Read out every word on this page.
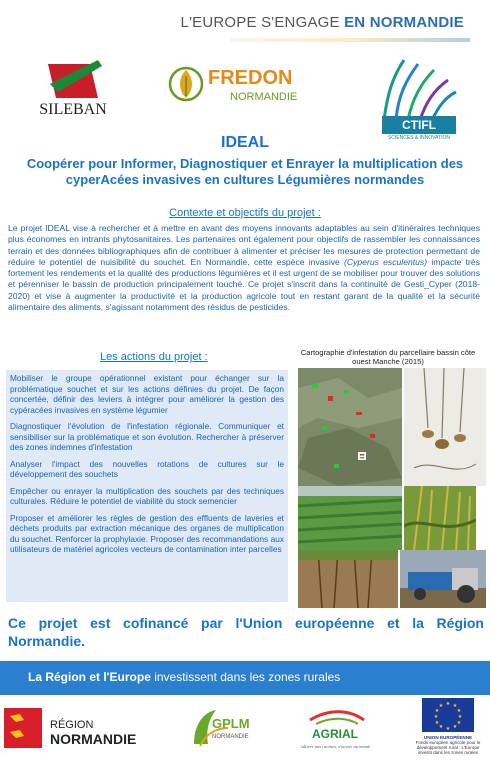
L'EUROPE S'ENGAGE EN NORMANDIE
SILEBAN
FREDON
NORMANDIE
CTIFL
SCIENCES & INNOVATION
IDEAL
Coopérer pour Informer, Diagnostiquer et Enrayer la multiplication des cyperAcées invasives en cultures Légumières normandes
Contexte et objectifs du projet :
Le projet IDEAL vise à rechercher et à mettre en avant des moyens innovants adaptables au sein d'itinéraires techniques plus économes en intrants phytosanitaires. Les partenaires ont également pour objectifs de rassembler les connaissances terrain et des données bibliographiques afin de contribuer à alimenter et préciser les mesures de protection permettant de réduire le potentiel de nuisibilité du souchet. En Normandie, cette espèce invasive (Cyperus esculentus) impacte très fortement les rendements et la qualité des productions légumières et il est urgent de se mobiliser pour trouver des solutions et pérenniser le bassin de production principalement touché. Ce projet s'inscrit dans la continuité de Gesti_Cyper (2018-2020) et vise à augmenter la productivité et la production agricole tout en restant garant de la qualité et la sécurité alimentaire des aliments, s'agissant notamment des résidus de pesticides.
Les actions du projet :
Mobiliser le groupe opérationnel existant pour échanger sur la problématique souchet et sur les actions définies du projet. De façon concertée, définir des leviers à intégrer pour améliorer la gestion des cypéracées invasives en système légumier
Diagnostiquer l'évolution de l'infestation régionale. Communiquer et sensibiliser sur la problématique et son évolution. Rechercher à préserver des zones indemnes d'infestation
Analyser l'impact des nouvelles rotations de cultures sur le développement des souchets
Empêcher ou enrayer la multiplication des souchets par des techniques culturales. Réduire le potentiel de viabilité du stock semencier
Proposer et améliorer les règles de gestion des effluents de laveries et déchets produits par extraction mécanique des organes de multiplication du souchet. Renforcer la prophylaxie. Proposer des recommandations aux utilisateurs de matériel agricoles vecteurs de contamination inter parcelles
Cartographie d'infestation du parcellaire bassin côte ouest Manche (2015)
Ce projet est cofinancé par l'Union européenne et la Région Normandie.
La Région et l'Europe investissent dans les zones rurales
RÉGION
NORMANDIE
GPLM
NORMANDIE	AGRIAL
Cultiver nos racines, s'ouvrir au monde
★ ★
★
★
★
★
★
★
★
★
★
★
UNION EUROPÉENNE
Fonds européen agricole pour le développement rural : L'Europe investit dans les zones rurales
